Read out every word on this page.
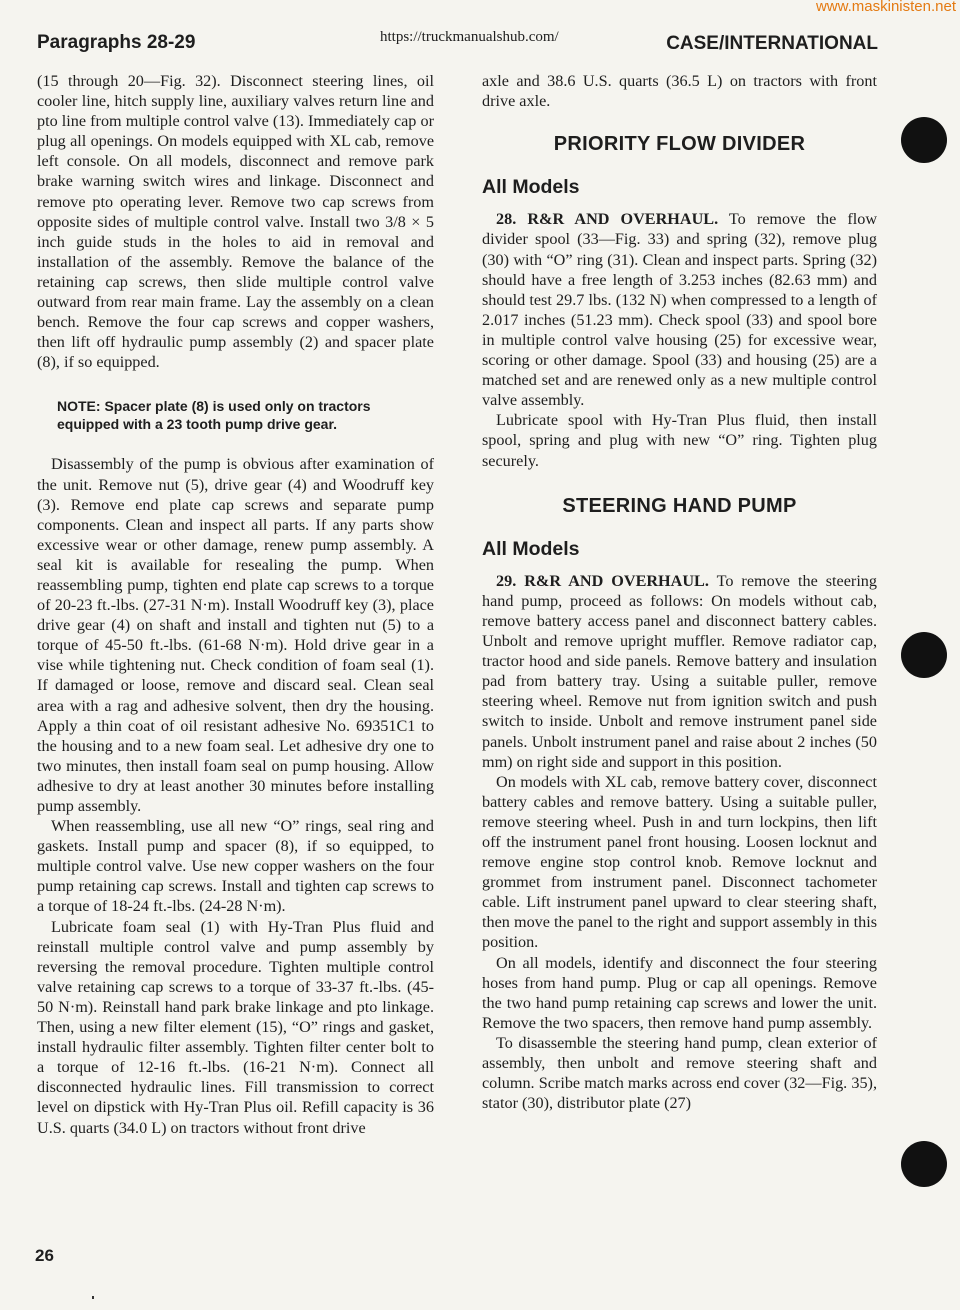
www.maskinisten.net
Paragraphs 28-29	https://truckmanualshub.com/	CASE/INTERNATIONAL

(15 through 20—Fig. 32). Disconnect steering lines, oil cooler line, hitch supply line, auxiliary valves return line and pto line from multiple control valve (13). Immediately cap or plug all openings. On models equipped with XL cab, remove left console. On all models, disconnect and remove park brake warning switch wires and linkage. Disconnect and remove pto operating lever. Remove two cap screws from opposite sides of multiple control valve. Install two 3/8 × 5 inch guide studs in the holes to aid in removal and installation of the assembly. Remove the balance of the retaining cap screws, then slide multiple control valve outward from rear main frame. Lay the assembly on a clean bench. Remove the four cap screws and copper washers, then lift off hydraulic pump assembly (2) and spacer plate (8), if so equipped.

NOTE: Spacer plate (8) is used only on tractors equipped with a 23 tooth pump drive gear.

Disassembly of the pump is obvious after examination of the unit. Remove nut (5), drive gear (4) and Woodruff key (3). Remove end plate cap screws and separate pump components. Clean and inspect all parts. If any parts show excessive wear or other damage, renew pump assembly. A seal kit is available for resealing the pump. When reassembling pump, tighten end plate cap screws to a torque of 20-23 ft.-lbs. (27-31 N·m). Install Woodruff key (3), place drive gear (4) on shaft and install and tighten nut (5) to a torque of 45-50 ft.-lbs. (61-68 N·m). Hold drive gear in a vise while tightening nut. Check condition of foam seal (1). If damaged or loose, remove and discard seal. Clean seal area with a rag and adhesive solvent, then dry the housing. Apply a thin coat of oil resistant adhesive No. 69351C1 to the housing and to a new foam seal. Let adhesive dry one to two minutes, then install foam seal on pump housing. Allow adhesive to dry at least another 30 minutes before installing pump assembly.

When reassembling, use all new “O” rings, seal ring and gaskets. Install pump and spacer (8), if so equipped, to multiple control valve. Use new copper washers on the four pump retaining cap screws. Install and tighten cap screws to a torque of 18-24 ft.-lbs. (24-28 N·m).

Lubricate foam seal (1) with Hy-Tran Plus fluid and reinstall multiple control valve and pump assembly by reversing the removal procedure. Tighten multiple control valve retaining cap screws to a torque of 33-37 ft.-lbs. (45-50 N·m). Reinstall hand park brake linkage and pto linkage. Then, using a new filter element (15), “O” rings and gasket, install hydraulic filter assembly. Tighten filter center bolt to a torque of 12-16 ft.-lbs. (16-21 N·m). Connect all disconnected hydraulic lines. Fill transmission to correct level on dipstick with Hy-Tran Plus oil. Refill capacity is 36 U.S. quarts (34.0 L) on tractors without front drive

axle and 38.6 U.S. quarts (36.5 L) on tractors with front drive axle.

PRIORITY FLOW DIVIDER
All Models

28. R&R AND OVERHAUL. To remove the flow divider spool (33—Fig. 33) and spring (32), remove plug (30) with “O” ring (31). Clean and inspect parts. Spring (32) should have a free length of 3.253 inches (82.63 mm) and should test 29.7 lbs. (132 N) when compressed to a length of 2.017 inches (51.23 mm). Check spool (33) and spool bore in multiple control valve housing (25) for excessive wear, scoring or other damage. Spool (33) and housing (25) are a matched set and are renewed only as a new multiple control valve assembly.

Lubricate spool with Hy-Tran Plus fluid, then install spool, spring and plug with new “O” ring. Tighten plug securely.

STEERING HAND PUMP
All Models

29. R&R AND OVERHAUL. To remove the steering hand pump, proceed as follows: On models without cab, remove battery access panel and disconnect battery cables. Unbolt and remove upright muffler. Remove radiator cap, tractor hood and side panels. Remove battery and insulation pad from battery tray. Using a suitable puller, remove steering wheel. Remove nut from ignition switch and push switch to inside. Unbolt and remove instrument panel side panels. Unbolt instrument panel and raise about 2 inches (50 mm) on right side and support in this position.

On models with XL cab, remove battery cover, disconnect battery cables and remove battery. Using a suitable puller, remove steering wheel. Push in and turn lockpins, then lift off the instrument panel front housing. Loosen locknut and remove engine stop control knob. Remove locknut and grommet from instrument panel. Disconnect tachometer cable. Lift instrument panel upward to clear steering shaft, then move the panel to the right and support assembly in this position.

On all models, identify and disconnect the four steering hoses from hand pump. Plug or cap all openings. Remove the two hand pump retaining cap screws and lower the unit. Remove the two spacers, then remove hand pump assembly.

To disassemble the steering hand pump, clean exterior of assembly, then unbolt and remove steering shaft and column. Scribe match marks across end cover (32—Fig. 35), stator (30), distributor plate (27)

26
